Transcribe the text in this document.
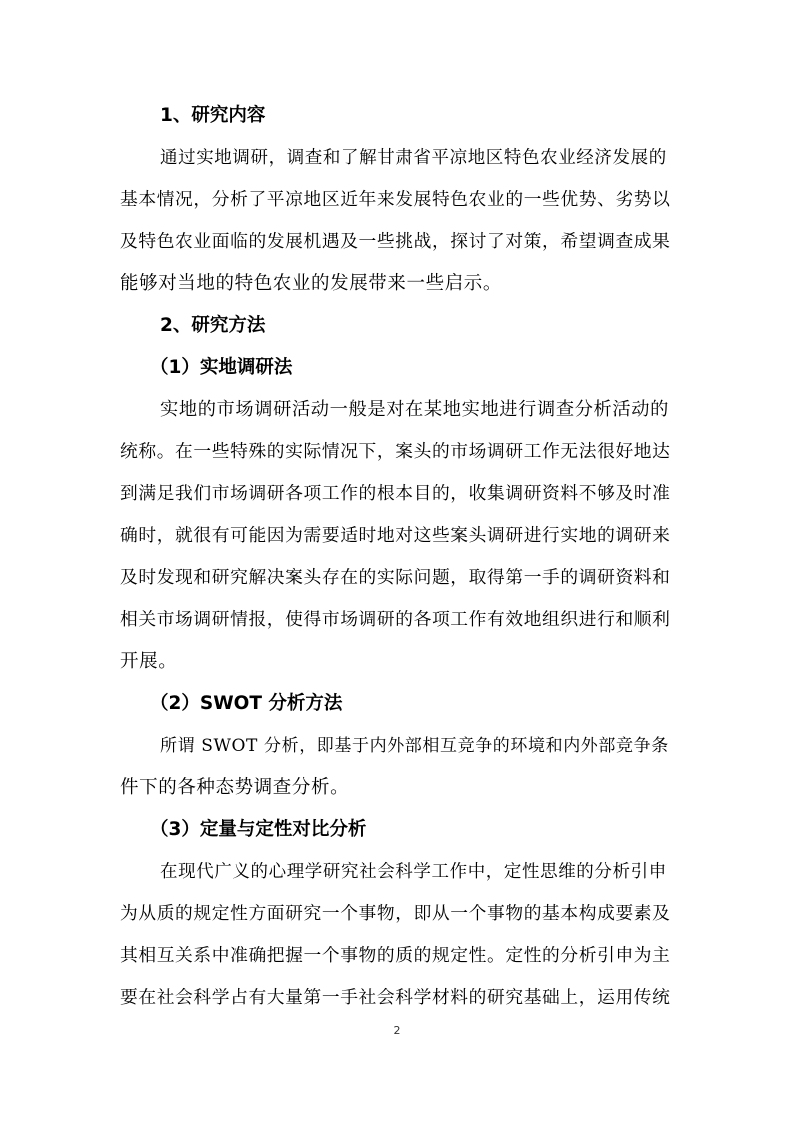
1、研究内容
通过实地调研，调查和了解甘肃省平凉地区特色农业经济发展的
基本情况，分析了平凉地区近年来发展特色农业的一些优势、劣势以
及特色农业面临的发展机遇及一些挑战，探讨了对策，希望调查成果
能够对当地的特色农业的发展带来一些启示。
2、研究方法
（1）实地调研法
实地的市场调研活动一般是对在某地实地进行调查分析活动的
统称。在一些特殊的实际情况下，案头的市场调研工作无法很好地达
到满足我们市场调研各项工作的根本目的，收集调研资料不够及时准
确时，就很有可能因为需要适时地对这些案头调研进行实地的调研来
及时发现和研究解决案头存在的实际问题，取得第一手的调研资料和
相关市场调研情报，使得市场调研的各项工作有效地组织进行和顺利
开展。
（2）SWOT 分析方法
所谓 SWOT 分析，即基于内外部相互竞争的环境和内外部竞争条
件下的各种态势调查分析。
（3）定量与定性对比分析
在现代广义的心理学研究社会科学工作中，定性思维的分析引申
为从质的规定性方面研究一个事物，即从一个事物的基本构成要素及
其相互关系中准确把握一个事物的质的规定性。定性的分析引申为主
要在社会科学占有大量第一手社会科学材料的研究基础上，运用传统
2
